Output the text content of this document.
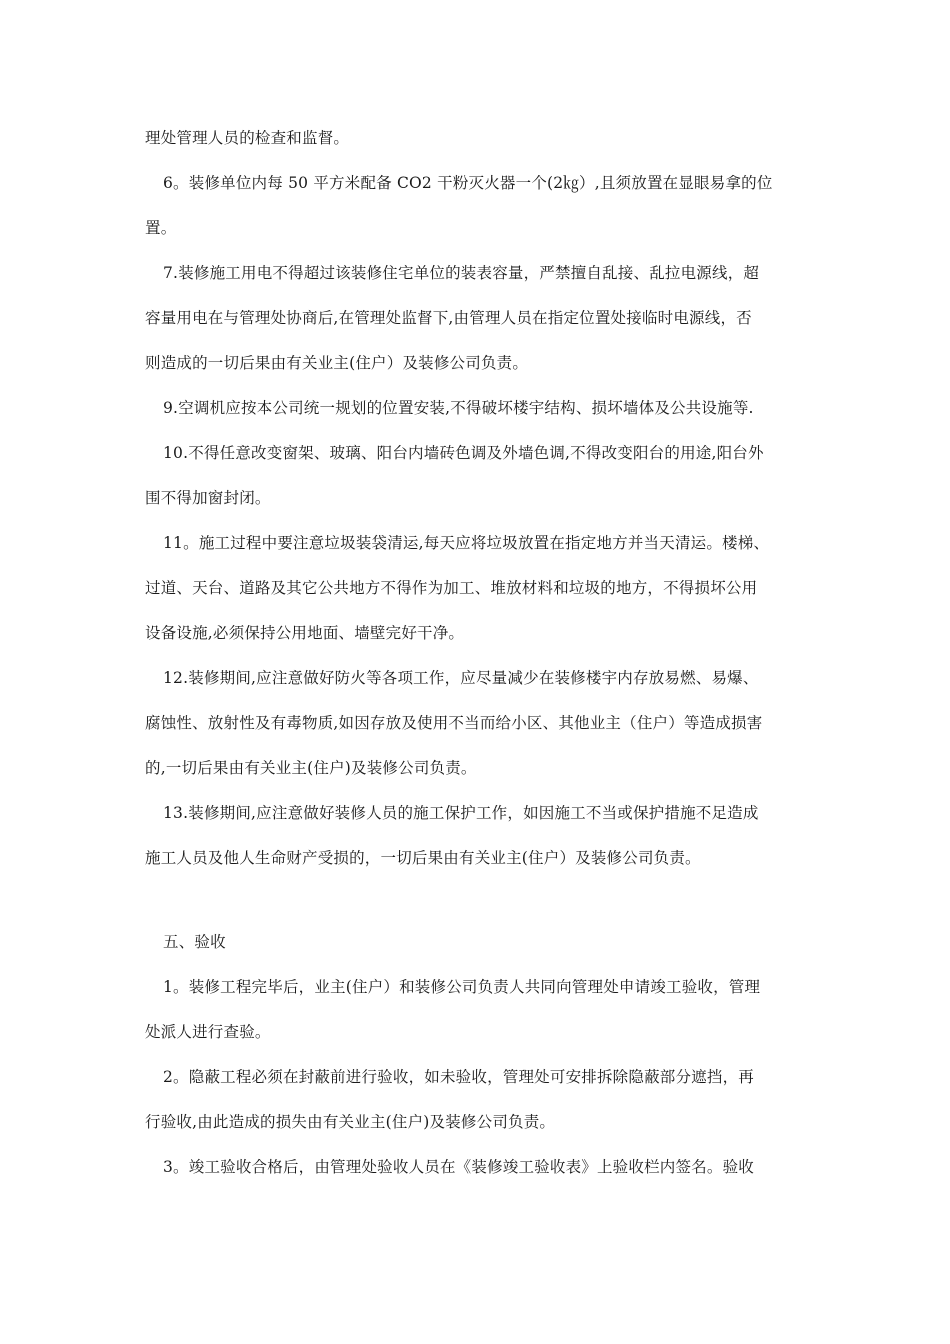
理处管理人员的检查和监督。
6。装修单位内每 50 平方米配备 CO2 干粉灭火器一个(2㎏）,且须放置在显眼易拿的位
置。
7.装修施工用电不得超过该装修住宅单位的装表容量，严禁擅自乱接、乱拉电源线，超
容量用电在与管理处协商后,在管理处监督下,由管理人员在指定位置处接临时电源线，否
则造成的一切后果由有关业主(住户）及装修公司负责。
9.空调机应按本公司统一规划的位置安装,不得破坏楼宇结构、损坏墙体及公共设施等.
10.不得任意改变窗架、玻璃、阳台内墙砖色调及外墙色调,不得改变阳台的用途,阳台外
围不得加窗封闭。
11。施工过程中要注意垃圾装袋清运,每天应将垃圾放置在指定地方并当天清运。楼梯、
过道、天台、道路及其它公共地方不得作为加工、堆放材料和垃圾的地方，不得损坏公用
设备设施,必须保持公用地面、墙壁完好干净。
12.装修期间,应注意做好防火等各项工作，应尽量减少在装修楼宇内存放易燃、易爆、
腐蚀性、放射性及有毒物质,如因存放及使用不当而给小区、其他业主（住户）等造成损害
的,一切后果由有关业主(住户)及装修公司负责。
13.装修期间,应注意做好装修人员的施工保护工作，如因施工不当或保护措施不足造成
施工人员及他人生命财产受损的，一切后果由有关业主(住户）及装修公司负责。
五、验收
1。装修工程完毕后，业主(住户）和装修公司负责人共同向管理处申请竣工验收，管理
处派人进行查验。
2。隐蔽工程必须在封蔽前进行验收，如未验收，管理处可安排拆除隐蔽部分遮挡，再
行验收,由此造成的损失由有关业主(住户)及装修公司负责。
3。竣工验收合格后，由管理处验收人员在《装修竣工验收表》上验收栏内签名。验收
